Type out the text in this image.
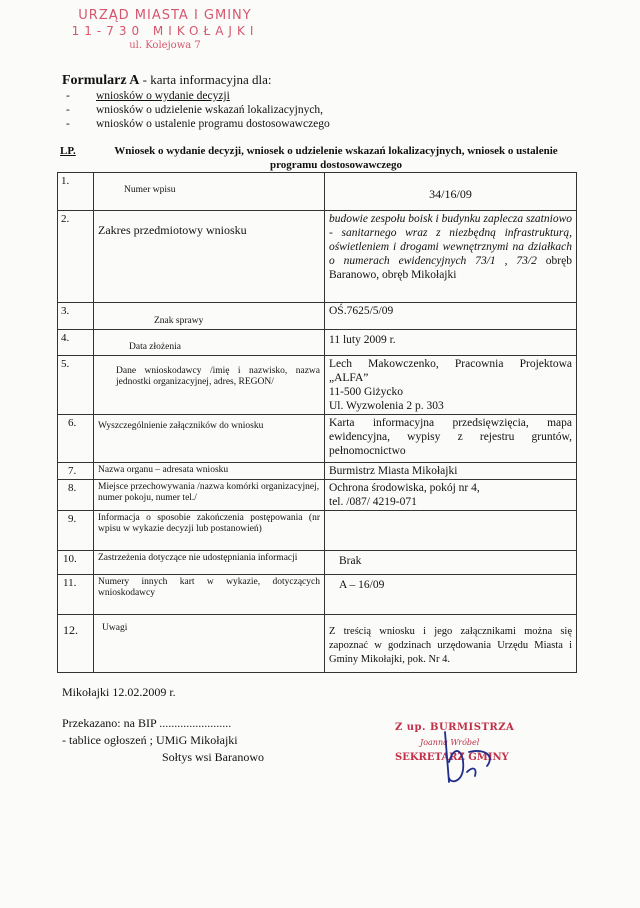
URZĄD MIASTA I GMINY
11-730 MIKOŁAJKI
ul. Kolejowa 7
Formularz A - karta informacyjna dla:
-	wniosków o wydanie decyzji
-	wniosków o udzielenie wskazań lokalizacyjnych,
-	wniosków o ustalenie programu dostosowawczego
LP.	Wniosek o wydanie decyzji, wniosek o udzielenie wskazań lokalizacyjnych, wniosek o ustalenie programu dostosowawczego
1.	Numer wpisu	34/16/09
2.	Zakres przedmiotowy wniosku	budowie zespołu boisk i budynku zaplecza szatniowo - sanitarnego wraz z niezbędną infrastrukturą, oświetleniem i drogami wewnętrznymi na działkach o numerach ewidencyjnych 73/1 , 73/2 obręb Baranowo, obręb Mikołajki
3.	Znak sprawy	OŚ.7625/5/09
4.	Data złożenia	11 luty 2009 r.
5.	Dane wnioskodawcy /imię i nazwisko, nazwa jednostki organizacyjnej, adres, REGON/	Lech Makowczenko, Pracownia Projektowa „ALFA”
11-500 Giżycko
Ul. Wyzwolenia 2 p. 303

6.	Wyszczególnienie załączników do wniosku	Karta informacyjna przedsięwzięcia, mapa ewidencyjna, wypisy z rejestru gruntów, pełnomocnictwo
7.	Nazwa organu – adresata wniosku	Burmistrz Miasta Mikołajki
8.	Miejsce przechowywania /nazwa komórki organizacyjnej, numer pokoju, numer tel./	Ochrona środowiska, pokój nr 4,
tel. /087/ 4219-071

9.	Informacja o sposobie zakończenia postępowania (nr wpisu w wykazie decyzji lub postanowień)	
10.	Zastrzeżenia dotyczące nie udostępniania informacji	Brak
11.	Numery innych kart w wykazie, dotyczących wnioskodawcy	A – 16/09
12.	Uwagi	Z treścią wniosku i jego załącznikami można się zapoznać w godzinach urzędowania Urzędu Miasta i Gminy Mikołajki, pok. Nr 4.
Mikołajki 12.02.2009 r.
Przekazano: na BIP ........................
- tablice ogłoszeń ; UMiG Mikołajki
Sołtys wsi Baranowo
Z up. BURMISTRZA
Joanna Wróbel
SEKRETARZ GMINY
